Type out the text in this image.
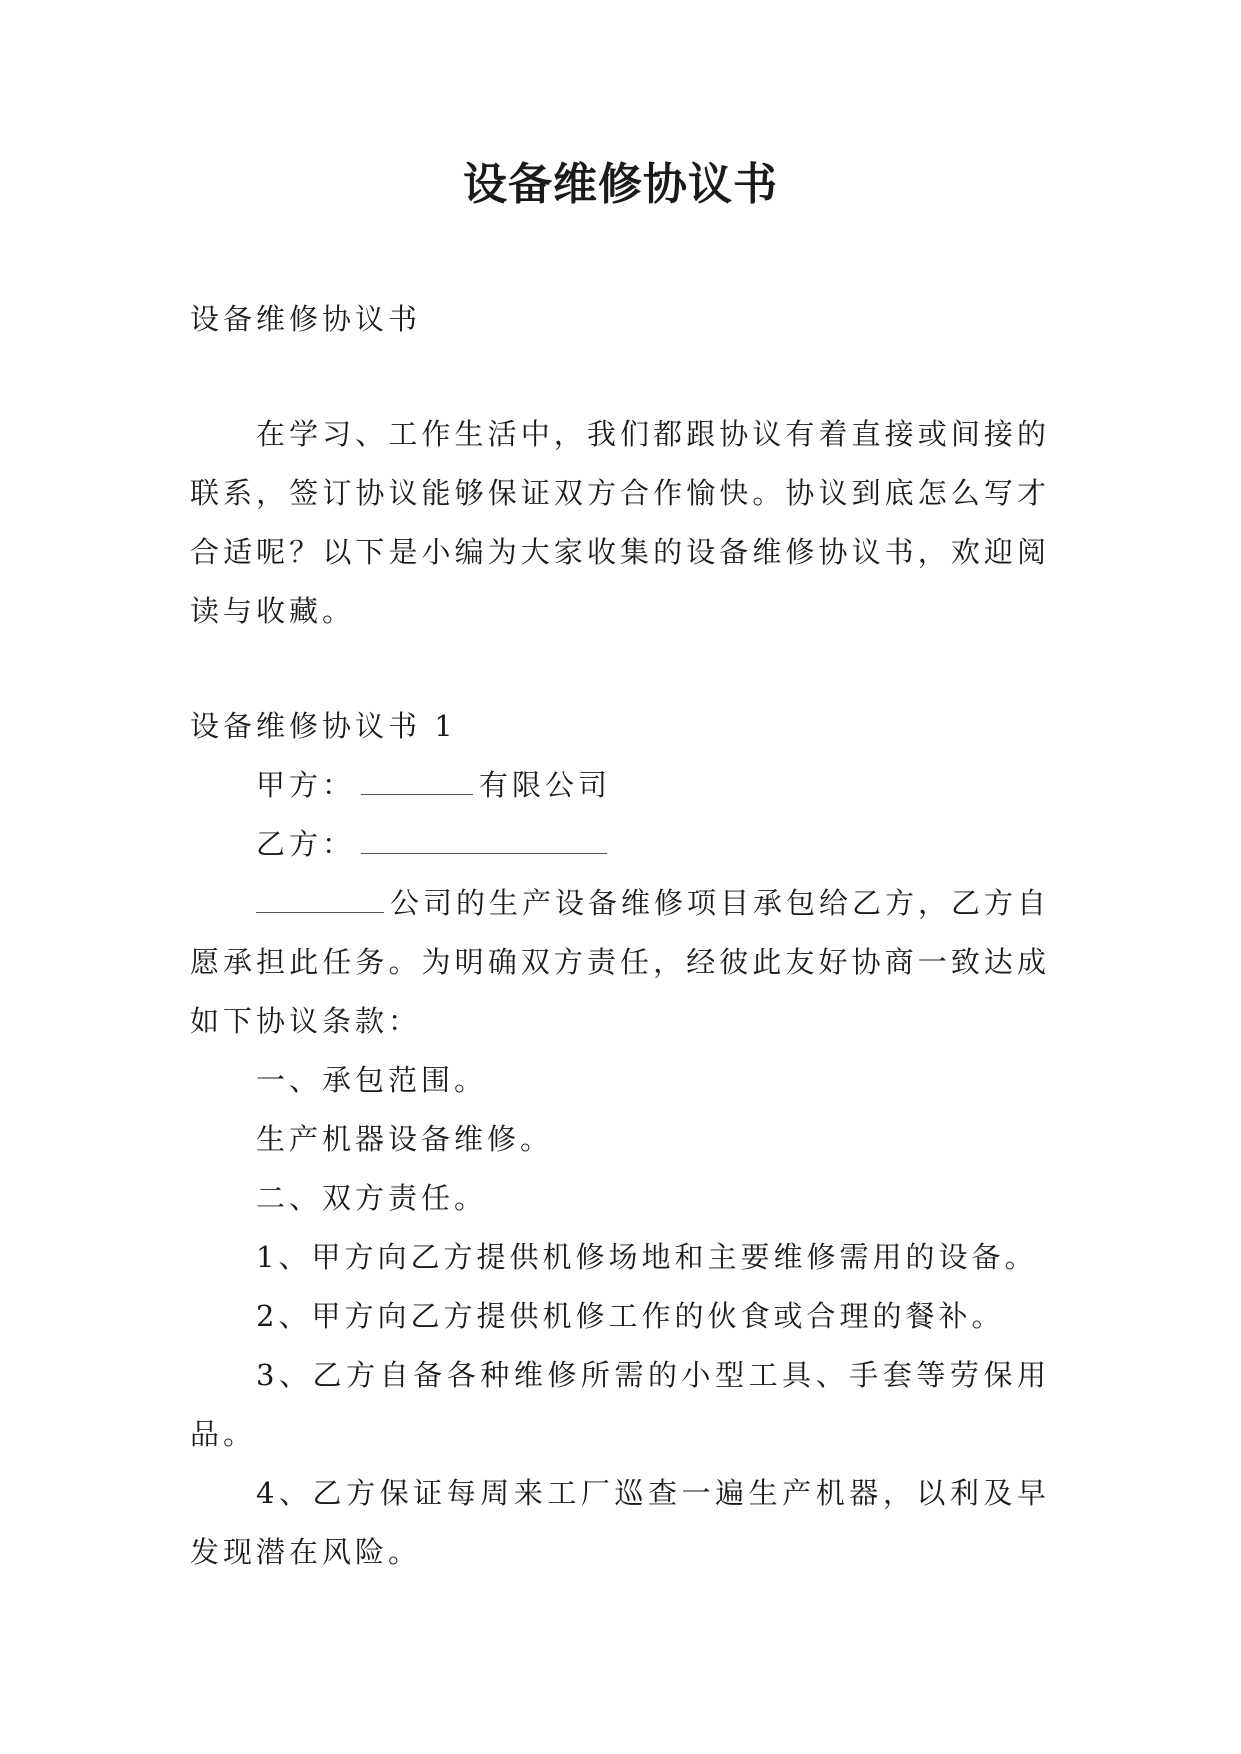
设备维修协议书

设备维修协议书

在学习、工作生活中，我们都跟协议有着直接或间接的联系，签订协议能够保证双方合作愉快。协议到底怎么写才合适呢？以下是小编为大家收集的设备维修协议书，欢迎阅读与收藏。

设备维修协议书 1

甲方：	有限公司

乙方：

公司的生产设备维修项目承包给乙方，乙方自愿承担此任务。为明确双方责任，经彼此友好协商一致达成如下协议条款：

一、承包范围。

生产机器设备维修。

二、双方责任。

1、甲方向乙方提供机修场地和主要维修需用的设备。

2、甲方向乙方提供机修工作的伙食或合理的餐补。

3、乙方自备各种维修所需的小型工具、手套等劳保用品。

4、乙方保证每周来工厂巡查一遍生产机器，以利及早发现潜在风险。
